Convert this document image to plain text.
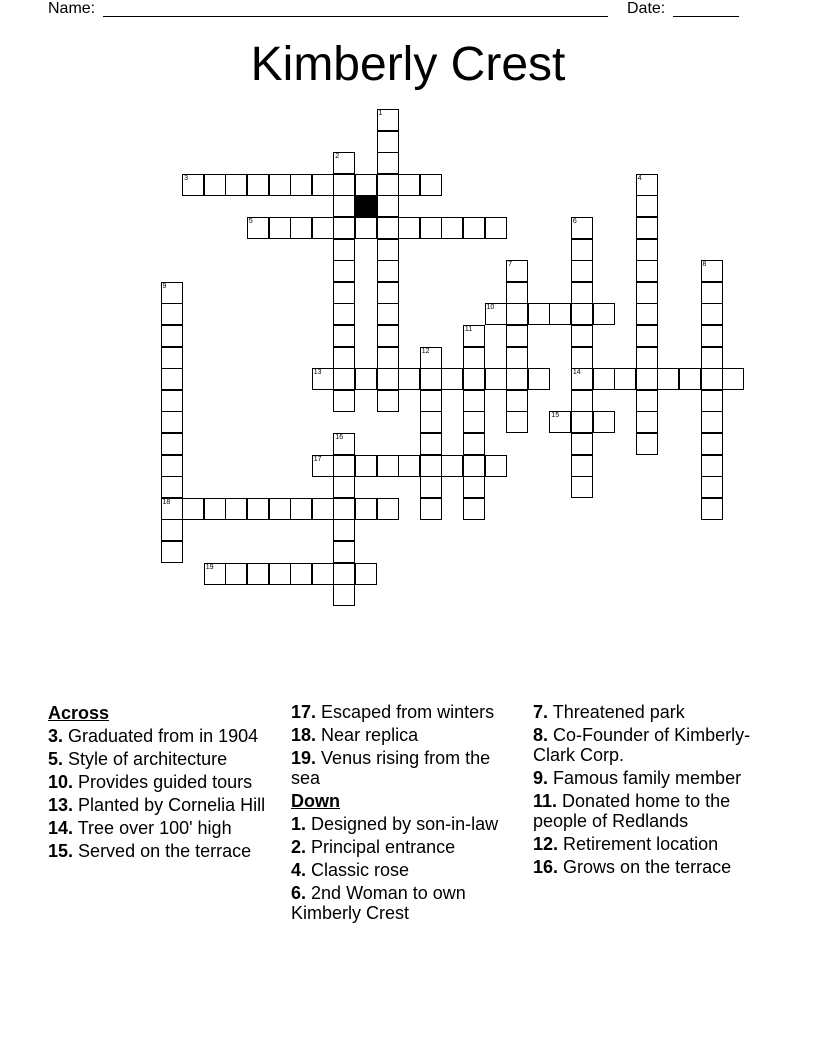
Name:	Date:
Kimberly Crest
1
2
3	4
5	6
14
7	8
9
18
10
11
12
13
15
16
17
19
Across
3. Graduated from in 1904
5. Style of architecture
10. Provides guided tours
13. Planted by Cornelia Hill
14. Tree over 100' high
15. Served on the terrace
17. Escaped from winters
18. Near replica
19. Venus rising from the sea
Down
1. Designed by son-in-law
2. Principal entrance
4. Classic rose
6. 2nd Woman to own Kimberly Crest
7. Threatened park
8. Co-Founder of Kimberly-Clark Corp.
9. Famous family member
11. Donated home to the people of Redlands
12. Retirement location
16. Grows on the terrace
